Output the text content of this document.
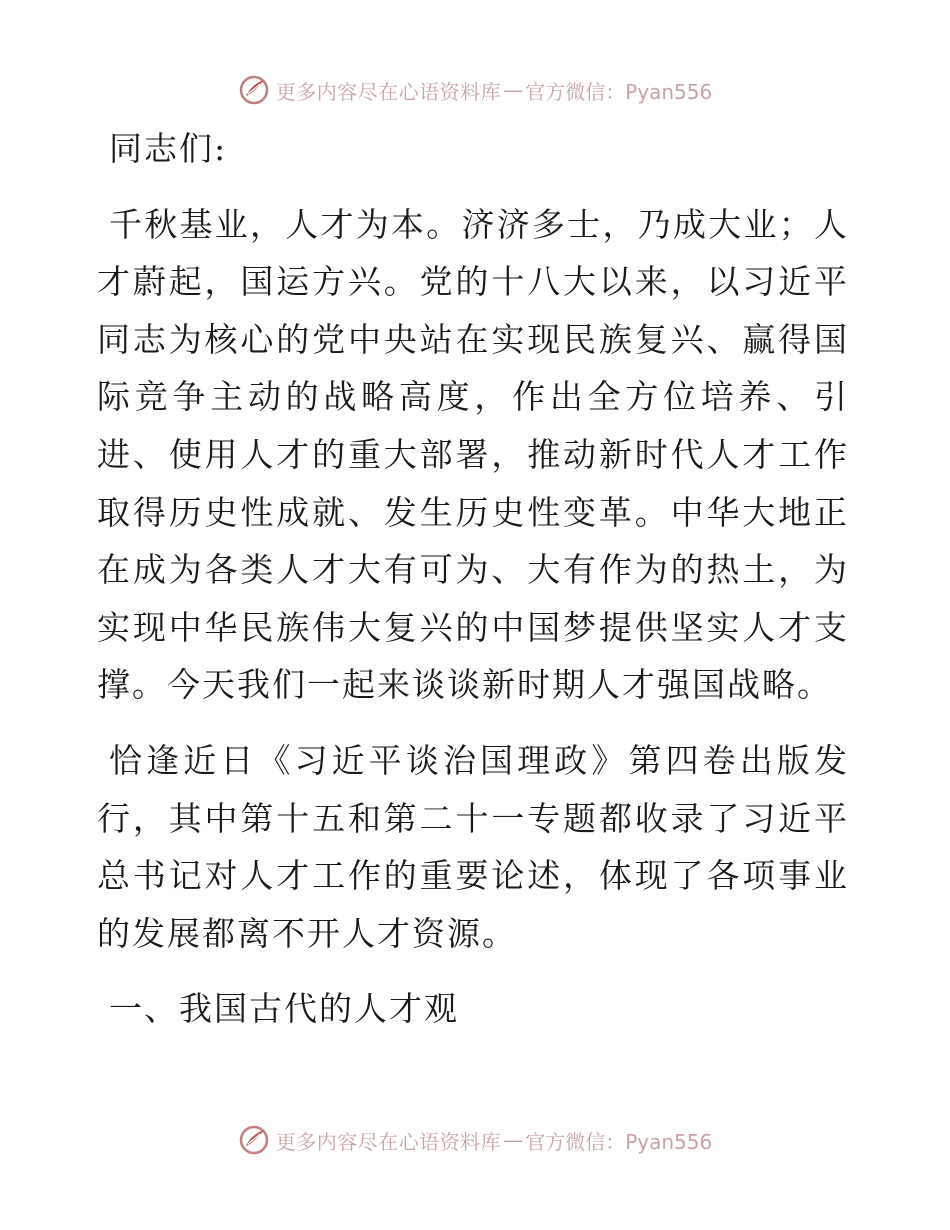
更多内容尽在心语资料库 — 官方微信：Pyan556

同志们:

千秋基业，人才为本。济济多士，乃成大业；人才蔚起，国运方兴。党的十八大以来，以习近平同志为核心的党中央站在实现民族复兴、赢得国际竞争主动的战略高度，作出全方位培养、引进、使用人才的重大部署，推动新时代人才工作取得历史性成就、发生历史性变革。中华大地正在成为各类人才大有可为、大有作为的热土，为实现中华民族伟大复兴的中国梦提供坚实人才支撑。今天我们一起来谈谈新时期人才强国战略。

恰逢近日《习近平谈治国理政》第四卷出版发行，其中第十五和第二十一专题都收录了习近平总书记对人才工作的重要论述，体现了各项事业的发展都离不开人才资源。

一、我国古代的人才观

更多内容尽在心语资料库 — 官方微信：Pyan556
